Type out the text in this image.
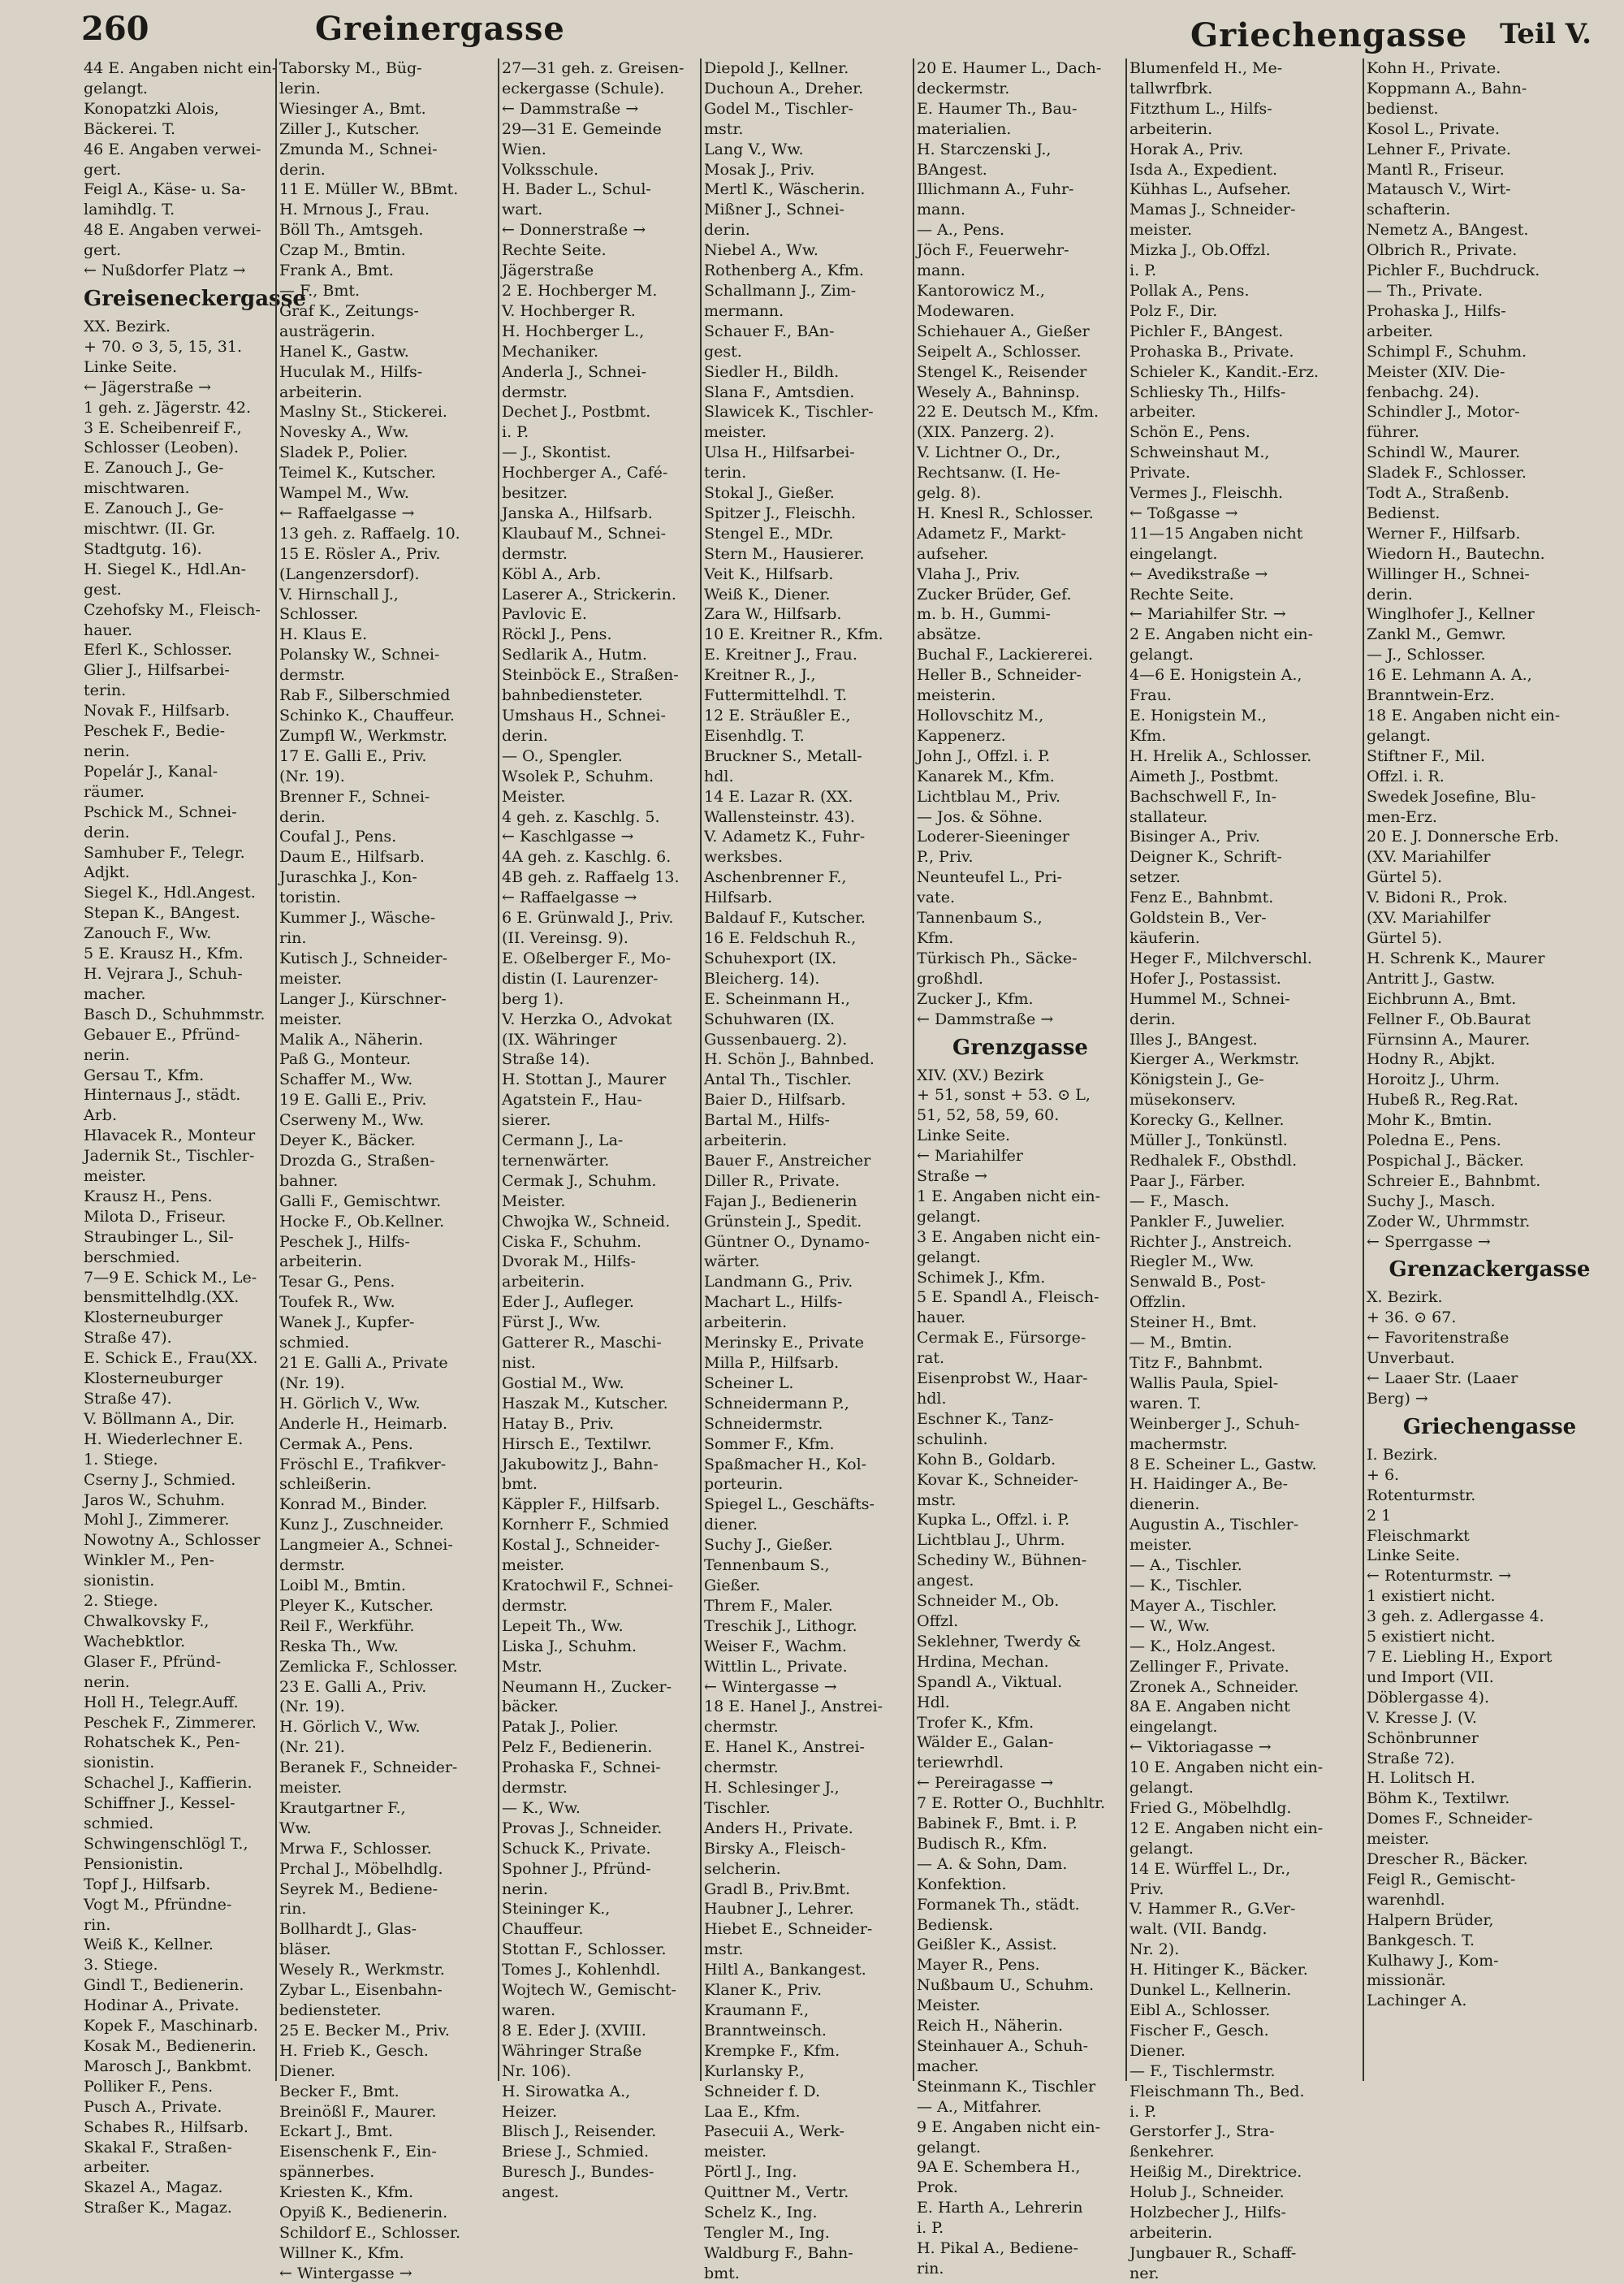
260	Greinergasse	Griechengasse Teil V.
44 E. Angaben nicht ein-
gelangt.
Konopatzki Alois,
Bäckerei. T.
46 E. Angaben verwei-
gert.
Feigl A., Käse- u. Sa-
lamihdlg. T.
48 E. Angaben verwei-
gert.
← Nußdorfer Platz →
Greiseneckergasse
XX. Bezirk.
+ 70. ⊙ 3, 5, 15, 31.
Linke Seite.
← Jägerstraße →
1 geh. z. Jägerstr. 42.
3 E. Scheibenreif F.,
Schlosser (Leoben).
E. Zanouch J., Ge-
mischtwaren.
E. Zanouch J., Ge-
mischtwr. (II. Gr.
Stadtgutg. 16).
H. Siegel K., Hdl.An-
gest.
Czehofsky M., Fleisch-
hauer.
Eferl K., Schlosser.
Glier J., Hilfsarbei-
terin.
Novak F., Hilfsarb.
Peschek F., Bedie-
nerin.
Popelár J., Kanal-
räumer.
Pschick M., Schnei-
derin.
Samhuber F., Telegr.
Adjkt.
Siegel K., Hdl.Angest.
Stepan K., BAngest.
Zanouch F., Ww.
5 E. Krausz H., Kfm.
H. Vejrara J., Schuh-
macher.
Basch D., Schuhmmstr.
Gebauer E., Pfründ-
nerin.
Gersau T., Kfm.
Hinternaus J., städt.
Arb.
Hlavacek R., Monteur
Jadernik St., Tischler-
meister.
Krausz H., Pens.
Milota D., Friseur.
Straubinger L., Sil-
berschmied.
7—9 E. Schick M., Le-
bensmittelhdlg.(XX.
Klosterneuburger
Straße 47).
E. Schick E., Frau(XX.
Klosterneuburger
Straße 47).
V. Böllmann A., Dir.
H. Wiederlechner E.
1. Stiege.
Cserny J., Schmied.
Jaros W., Schuhm.
Mohl J., Zimmerer.
Nowotny A., Schlosser
Winkler M., Pen-
sionistin.
2. Stiege.
Chwalkovsky F.,
Wachebktlor.
Glaser F., Pfründ-
nerin.
Holl H., Telegr.Auff.
Peschek F., Zimmerer.
Rohatschek K., Pen-
sionistin.
Schachel J., Kaffierin.
Schiffner J., Kessel-
schmied.
Schwingenschlögl T.,
Pensionistin.
Topf J., Hilfsarb.
Vogt M., Pfründne-
rin.
Weiß K., Kellner.
3. Stiege.
Gindl T., Bedienerin.
Hodinar A., Private.
Kopek F., Maschinarb.
Kosak M., Bedienerin.
Marosch J., Bankbmt.
Polliker F., Pens.
Pusch A., Private.
Schabes R., Hilfsarb.
Skakal F., Straßen-
arbeiter.
Skazel A., Magaz.
Straßer K., Magaz.
Taborsky M., Büg-
lerin.
Wiesinger A., Bmt.
Ziller J., Kutscher.
Zmunda M., Schnei-
derin.
11 E. Müller W., BBmt.
H. Mrnous J., Frau.
Böll Th., Amtsgeh.
Czap M., Bmtin.
Frank A., Bmt.
— F., Bmt.
Graf K., Zeitungs-
austrägerin.
Hanel K., Gastw.
Huculak M., Hilfs-
arbeiterin.
Maslny St., Stickerei.
Novesky A., Ww.
Sladek P., Polier.
Teimel K., Kutscher.
Wampel M., Ww.
← Raffaelgasse →
13 geh. z. Raffaelg. 10.
15 E. Rösler A., Priv.
(Langenzersdorf).
V. Hirnschall J.,
Schlosser.
H. Klaus E.
Polansky W., Schnei-
dermstr.
Rab F., Silberschmied
Schinko K., Chauffeur.
Zumpfl W., Werkmstr.
17 E. Galli E., Priv.
(Nr. 19).
Brenner F., Schnei-
derin.
Coufal J., Pens.
Daum E., Hilfsarb.
Juraschka J., Kon-
toristin.
Kummer J., Wäsche-
rin.
Kutisch J., Schneider-
meister.
Langer J., Kürschner-
meister.
Malik A., Näherin.
Paß G., Monteur.
Schaffer M., Ww.
19 E. Galli E., Priv.
Cserweny M., Ww.
Deyer K., Bäcker.
Drozda G., Straßen-
bahner.
Galli F., Gemischtwr.
Hocke F., Ob.Kellner.
Peschek J., Hilfs-
arbeiterin.
Tesar G., Pens.
Toufek R., Ww.
Wanek J., Kupfer-
schmied.
21 E. Galli A., Private
(Nr. 19).
H. Görlich V., Ww.
Anderle H., Heimarb.
Cermak A., Pens.
Fröschl E., Trafikver-
schleißerin.
Konrad M., Binder.
Kunz J., Zuschneider.
Langmeier A., Schnei-
dermstr.
Loibl M., Bmtin.
Pleyer K., Kutscher.
Reil F., Werkführ.
Reska Th., Ww.
Zemlicka F., Schlosser.
23 E. Galli A., Priv.
(Nr. 19).
H. Görlich V., Ww.
(Nr. 21).
Beranek F., Schneider-
meister.
Krautgartner F.,
Ww.
Mrwa F., Schlosser.
Prchal J., Möbelhdlg.
Seyrek M., Bediene-
rin.
Bollhardt J., Glas-
bläser.
Wesely R., Werkmstr.
Zybar L., Eisenbahn-
bediensteter.
25 E. Becker M., Priv.
H. Frieb K., Gesch.
Diener.
Becker F., Bmt.
Breinößl F., Maurer.
Eckart J., Bmt.
Eisenschenk F., Ein-
spännerbes.
Kriesten K., Kfm.
Opyiß K., Bedienerin.
Schildorf E., Schlosser.
Willner K., Kfm.
← Wintergasse →
27—31 geh. z. Greisen-
eckergasse (Schule).
← Dammstraße →
29—31 E. Gemeinde
Wien.
Volksschule.
H. Bader L., Schul-
wart.
← Donnerstraße →
Rechte Seite.
Jägerstraße
2 E. Hochberger M.
V. Hochberger R.
H. Hochberger L.,
Mechaniker.
Anderla J., Schnei-
dermstr.
Dechet J., Postbmt.
i. P.
— J., Skontist.
Hochberger A., Café-
besitzer.
Janska A., Hilfsarb.
Klaubauf M., Schnei-
dermstr.
Köbl A., Arb.
Laserer A., Strickerin.
Pavlovic E.
Röckl J., Pens.
Sedlarik A., Hutm.
Steinböck E., Straßen-
bahnbediensteter.
Umshaus H., Schnei-
derin.
— O., Spengler.
Wsolek P., Schuhm.
Meister.
4 geh. z. Kaschlg. 5.
← Kaschlgasse →
4A geh. z. Kaschlg. 6.
4B geh. z. Raffaelg 13.
← Raffaelgasse →
6 E. Grünwald J., Priv.
(II. Vereinsg. 9).
E. Oßelberger F., Mo-
distin (I. Laurenzer-
berg 1).
V. Herzka O., Advokat
(IX. Währinger
Straße 14).
H. Stottan J., Maurer
Agatstein F., Hau-
sierer.
Cermann J., La-
ternenwärter.
Cermak J., Schuhm.
Meister.
Chwojka W., Schneid.
Ciska F., Schuhm.
Dvorak M., Hilfs-
arbeiterin.
Eder J., Aufleger.
Fürst J., Ww.
Gatterer R., Maschi-
nist.
Gostial M., Ww.
Haszak M., Kutscher.
Hatay B., Priv.
Hirsch E., Textilwr.
Jakubowitz J., Bahn-
bmt.
Käppler F., Hilfsarb.
Kornherr F., Schmied
Kostal J., Schneider-
meister.
Kratochwil F., Schnei-
dermstr.
Lepeit Th., Ww.
Liska J., Schuhm.
Mstr.
Neumann H., Zucker-
bäcker.
Patak J., Polier.
Pelz F., Bedienerin.
Prohaska F., Schnei-
dermstr.
— K., Ww.
Provas J., Schneider.
Schuck K., Private.
Spohner J., Pfründ-
nerin.
Steininger K.,
Chauffeur.
Stottan F., Schlosser.
Tomes J., Kohlenhdl.
Wojtech W., Gemischt-
waren.
8 E. Eder J. (XVIII.
Währinger Straße
Nr. 106).
H. Sirowatka A.,
Heizer.
Blisch J., Reisender.
Briese J., Schmied.
Buresch J., Bundes-
angest.
Diepold J., Kellner.
Duchoun A., Dreher.
Godel M., Tischler-
mstr.
Lang V., Ww.
Mosak J., Priv.
Mertl K., Wäscherin.
Mißner J., Schnei-
derin.
Niebel A., Ww.
Rothenberg A., Kfm.
Schallmann J., Zim-
mermann.
Schauer F., BAn-
gest.
Siedler H., Bildh.
Slana F., Amtsdien.
Slawicek K., Tischler-
meister.
Ulsa H., Hilfsarbei-
terin.
Stokal J., Gießer.
Spitzer J., Fleischh.
Stengel E., MDr.
Stern M., Hausierer.
Veit K., Hilfsarb.
Weiß K., Diener.
Zara W., Hilfsarb.
10 E. Kreitner R., Kfm.
E. Kreitner J., Frau.
Kreitner R., J.,
Futtermittelhdl. T.
12 E. Sträußler E.,
Eisenhdlg. T.
Bruckner S., Metall-
hdl.
14 E. Lazar R. (XX.
Wallensteinstr. 43).
V. Adametz K., Fuhr-
werksbes.
Aschenbrenner F.,
Hilfsarb.
Baldauf F., Kutscher.
16 E. Feldschuh R.,
Schuhexport (IX.
Bleicherg. 14).
E. Scheinmann H.,
Schuhwaren (IX.
Gussenbauerg. 2).
H. Schön J., Bahnbed.
Antal Th., Tischler.
Baier D., Hilfsarb.
Bartal M., Hilfs-
arbeiterin.
Bauer F., Anstreicher
Diller R., Private.
Fajan J., Bedienerin
Grünstein J., Spedit.
Güntner O., Dynamo-
wärter.
Landmann G., Priv.
Machart L., Hilfs-
arbeiterin.
Merinsky E., Private
Milla P., Hilfsarb.
Scheiner L.
Schneidermann P.,
Schneidermstr.
Sommer F., Kfm.
Spaßmacher H., Kol-
porteurin.
Spiegel L., Geschäfts-
diener.
Suchy J., Gießer.
Tennenbaum S.,
Gießer.
Threm F., Maler.
Treschik J., Lithogr.
Weiser F., Wachm.
Wittlin L., Private.
← Wintergasse →
18 E. Hanel J., Anstrei-
chermstr.
E. Hanel K., Anstrei-
chermstr.
H. Schlesinger J.,
Tischler.
Anders H., Private.
Birsky A., Fleisch-
selcherin.
Gradl B., Priv.Bmt.
Haubner J., Lehrer.
Hiebet E., Schneider-
mstr.
Hiltl A., Bankangest.
Klaner K., Priv.
Kraumann F.,
Branntweinsch.
Krempke F., Kfm.
Kurlansky P.,
Schneider f. D.
Laa E., Kfm.
Pasecuii A., Werk-
meister.
Pörtl J., Ing.
Quittner M., Vertr.
Schelz K., Ing.
Tengler M., Ing.
Waldburg F., Bahn-
bmt.
20 E. Haumer L., Dach-
deckermstr.
E. Haumer Th., Bau-
materialien.
H. Starczenski J.,
BAngest.
Illichmann A., Fuhr-
mann.
— A., Pens.
Jöch F., Feuerwehr-
mann.
Kantorowicz M.,
Modewaren.
Schiehauer A., Gießer
Seipelt A., Schlosser.
Stengel K., Reisender
Wesely A., Bahninsp.
22 E. Deutsch M., Kfm.
(XIX. Panzerg. 2).
V. Lichtner O., Dr.,
Rechtsanw. (I. He-
gelg. 8).
H. Knesl R., Schlosser.
Adametz F., Markt-
aufseher.
Vlaha J., Priv.
Zucker Brüder, Gef.
m. b. H., Gummi-
absätze.
Buchal F., Lackiererei.
Heller B., Schneider-
meisterin.
Hollovschitz M.,
Kappenerz.
John J., Offzl. i. P.
Kanarek M., Kfm.
Lichtblau M., Priv.
— Jos. & Söhne.
Loderer-Sieeninger
P., Priv.
Neunteufel L., Pri-
vate.
Tannenbaum S.,
Kfm.
Türkisch Ph., Säcke-
großhdl.
Zucker J., Kfm.
← Dammstraße →
Grenzgasse
XIV. (XV.) Bezirk
+ 51, sonst + 53. ⊙ L,
51, 52, 58, 59, 60.
Linke Seite.
← Mariahilfer
Straße →
1 E. Angaben nicht ein-
gelangt.
3 E. Angaben nicht ein-
gelangt.
Schimek J., Kfm.
5 E. Spandl A., Fleisch-
hauer.
Cermak E., Fürsorge-
rat.
Eisenprobst W., Haar-
hdl.
Eschner K., Tanz-
schulinh.
Kohn B., Goldarb.
Kovar K., Schneider-
mstr.
Kupka L., Offzl. i. P.
Lichtblau J., Uhrm.
Schediny W., Bühnen-
angest.
Schneider M., Ob.
Offzl.
Seklehner, Twerdy &
Hrdina, Mechan.
Spandl A., Viktual.
Hdl.
Trofer K., Kfm.
Wälder E., Galan-
teriewrhdl.
← Pereiragasse →
7 E. Rotter O., Buchhltr.
Babinek F., Bmt. i. P.
Budisch R., Kfm.
— A. & Sohn, Dam.
Konfektion.
Formanek Th., städt.
Bediensk.
Geißler K., Assist.
Mayer R., Pens.
Nußbaum U., Schuhm.
Meister.
Reich H., Näherin.
Steinhauer A., Schuh-
macher.
Steinmann K., Tischler
— A., Mitfahrer.
9 E. Angaben nicht ein-
gelangt.
9A E. Schembera H.,
Prok.
E. Harth A., Lehrerin
i. P.
H. Pikal A., Bediene-
rin.
Blumenfeld H., Me-
tallwrfbrk.
Fitzthum L., Hilfs-
arbeiterin.
Horak A., Priv.
Isda A., Expedient.
Kühhas L., Aufseher.
Mamas J., Schneider-
meister.
Mizka J., Ob.Offzl.
i. P.
Pollak A., Pens.
Polz F., Dir.
Pichler F., BAngest.
Prohaska B., Private.
Schieler K., Kandit.-Erz.
Schliesky Th., Hilfs-
arbeiter.
Schön E., Pens.
Schweinshaut M.,
Private.
Vermes J., Fleischh.
← Toßgasse →
11—15 Angaben nicht
eingelangt.
← Avedikstraße →
Rechte Seite.
← Mariahilfer Str. →
2 E. Angaben nicht ein-
gelangt.
4—6 E. Honigstein A.,
Frau.
E. Honigstein M.,
Kfm.
H. Hrelik A., Schlosser.
Aimeth J., Postbmt.
Bachschwell F., In-
stallateur.
Bisinger A., Priv.
Deigner K., Schrift-
setzer.
Fenz E., Bahnbmt.
Goldstein B., Ver-
käuferin.
Heger F., Milchverschl.
Hofer J., Postassist.
Hummel M., Schnei-
derin.
Illes J., BAngest.
Kierger A., Werkmstr.
Königstein J., Ge-
müsekonserv.
Korecky G., Kellner.
Müller J., Tonkünstl.
Redhalek F., Obsthdl.
Paar J., Färber.
— F., Masch.
Pankler F., Juwelier.
Richter J., Anstreich.
Riegler M., Ww.
Senwald B., Post-
Offzlin.
Steiner H., Bmt.
— M., Bmtin.
Titz F., Bahnbmt.
Wallis Paula, Spiel-
waren. T.
Weinberger J., Schuh-
machermstr.
8 E. Scheiner L., Gastw.
H. Haidinger A., Be-
dienerin.
Augustin A., Tischler-
meister.
— A., Tischler.
— K., Tischler.
Mayer A., Tischler.
— W., Ww.
— K., Holz.Angest.
Zellinger F., Private.
Zronek A., Schneider.
8A E. Angaben nicht
eingelangt.
← Viktoriagasse →
10 E. Angaben nicht ein-
gelangt.
Fried G., Möbelhdlg.
12 E. Angaben nicht ein-
gelangt.
14 E. Würffel L., Dr.,
Priv.
V. Hammer R., G.Ver-
walt. (VII. Bandg.
Nr. 2).
H. Hitinger K., Bäcker.
Dunkel L., Kellnerin.
Eibl A., Schlosser.
Fischer F., Gesch.
Diener.
— F., Tischlermstr.
Fleischmann Th., Bed.
i. P.
Gerstorfer J., Stra-
ßenkehrer.
Heißig M., Direktrice.
Holub J., Schneider.
Holzbecher J., Hilfs-
arbeiterin.
Jungbauer R., Schaff-
ner.
Kohn H., Private.
Koppmann A., Bahn-
bedienst.
Kosol L., Private.
Lehner F., Private.
Mantl R., Friseur.
Matausch V., Wirt-
schafterin.
Nemetz A., BAngest.
Olbrich R., Private.
Pichler F., Buchdruck.
— Th., Private.
Prohaska J., Hilfs-
arbeiter.
Schimpl F., Schuhm.
Meister (XIV. Die-
fenbachg. 24).
Schindler J., Motor-
führer.
Schindl W., Maurer.
Sladek F., Schlosser.
Todt A., Straßenb.
Bedienst.
Werner F., Hilfsarb.
Wiedorn H., Bautechn.
Willinger H., Schnei-
derin.
Winglhofer J., Kellner
Zankl M., Gemwr.
— J., Schlosser.
16 E. Lehmann A. A.,
Branntwein-Erz.
18 E. Angaben nicht ein-
gelangt.
Stiftner F., Mil.
Offzl. i. R.
Swedek Josefine, Blu-
men-Erz.
20 E. J. Donnersche Erb.
(XV. Mariahilfer
Gürtel 5).
V. Bidoni R., Prok.
(XV. Mariahilfer
Gürtel 5).
H. Schrenk K., Maurer
Antritt J., Gastw.
Eichbrunn A., Bmt.
Fellner F., Ob.Baurat
Fürnsinn A., Maurer.
Hodny R., Abjkt.
Horoitz J., Uhrm.
Hubeß R., Reg.Rat.
Mohr K., Bmtin.
Poledna E., Pens.
Pospichal J., Bäcker.
Schreier E., Bahnbmt.
Suchy J., Masch.
Zoder W., Uhrmmstr.
← Sperrgasse →
Grenzackergasse
X. Bezirk.
+ 36. ⊙ 67.
← Favoritenstraße
Unverbaut.
← Laaer Str. (Laaer
Berg) →
Griechengasse
I. Bezirk.
+ 6.
Rotenturmstr.
2 1
Fleischmarkt
Linke Seite.
← Rotenturmstr. →
1 existiert nicht.
3 geh. z. Adlergasse 4.
5 existiert nicht.
7 E. Liebling H., Export
und Import (VII.
Döblergasse 4).
V. Kresse J. (V.
Schönbrunner
Straße 72).
H. Lolitsch H.
Böhm K., Textilwr.
Domes F., Schneider-
meister.
Drescher R., Bäcker.
Feigl R., Gemischt-
warenhdl.
Halpern Brüder,
Bankgesch. T.
Kulhawy J., Kom-
missionär.
Lachinger A.
